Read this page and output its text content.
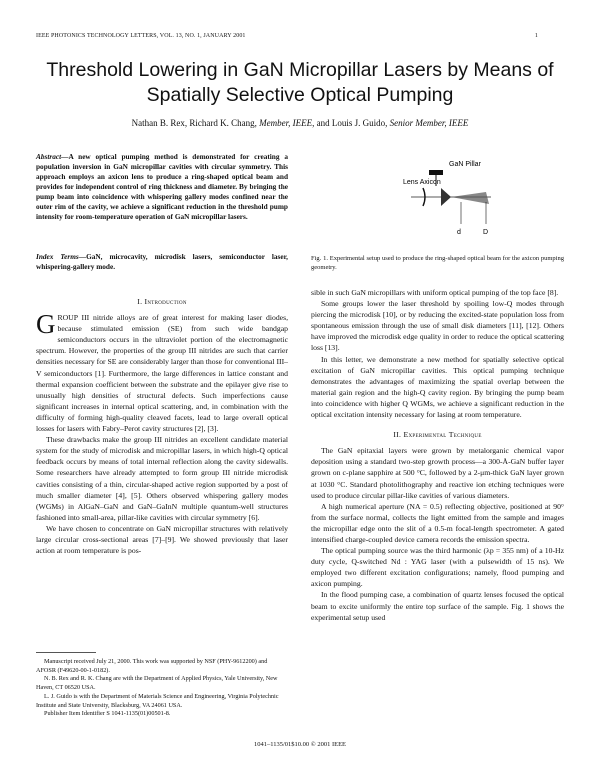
IEEE PHOTONICS TECHNOLOGY LETTERS, VOL. 13, NO. 1, JANUARY 2001	1
Threshold Lowering in GaN Micropillar Lasers by Means of Spatially Selective Optical Pumping
Nathan B. Rex, Richard K. Chang, Member, IEEE, and Louis J. Guido, Senior Member, IEEE
Abstract—A new optical pumping method is demonstrated for creating a population inversion in GaN micropillar cavities with circular symmetry. This approach employs an axicon lens to produce a ring-shaped optical beam and provides for independent control of ring thickness and diameter. By bringing the pump beam into coincidence with whispering gallery modes confined near the outer rim of the cavity, we achieve a significant reduction in the threshold pump intensity for room-temperature operation of GaN micropillar lasers.
Index Terms—GaN, microcavity, microdisk lasers, semiconductor laser, whispering-gallery mode.
I. Introduction

GROUP III nitride alloys are of great interest for making laser diodes, because stimulated emission (SE) from such wide bandgap semiconductors occurs in the ultraviolet portion of the electromagnetic spectrum. However, the properties of the group III nitrides are such that carrier densities necessary for SE are considerably larger than those for conventional III–V semiconductors [1]. Furthermore, the large differences in lattice constant and thermal expansion coefficient between the substrate and the epilayer give rise to unusually high densities of structural defects. Such imperfections cause significant increases in internal optical scattering, and, in combination with the difficulty of forming high-quality cleaved facets, lead to large overall optical losses for lasers with Fabry–Perot cavity structures [2], [3].

These drawbacks make the group III nitrides an excellent candidate material system for the study of microdisk and micropillar lasers, in which high-Q optical feedback occurs by means of total internal reflection along the cavity sidewalls. Some researchers have already attempted to form group III nitride microdisk cavities consisting of a thin, circular-shaped active region supported by a post of much smaller diameter [4], [5]. Others observed whispering gallery modes (WGMs) in AlGaN–GaN and GaN–GaInN multiple quantum-well structures fashioned into small-area, pillar-like cavities with circular symmetry [6].

We have chosen to concentrate on GaN micropillar structures with relatively large circular cross-sectional areas [7]–[9]. We showed previously that laser action at room temperature is pos-

Manuscript received July 21, 2000. This work was supported by NSF (PHY-9612200) and AFOSR (F49620-00-1-0182).

N. B. Rex and R. K. Chang are with the Department of Applied Physics, Yale University, New Haven, CT 06520 USA.

L. J. Guido is with the Department of Materials Science and Engineering, Virginia Polytechnic Institute and State University, Blacksburg, VA 24061 USA.

Publisher Item Identifier S 1041-1135(01)00501-8.

GaN Pillar
Lens Axicon
d	D
Fig. 1. Experimental setup used to produce the ring-shaped optical beam for the axicon pumping geometry.

sible in such GaN micropillars with uniform optical pumping of the top face [8].

Some groups lower the laser threshold by spoiling low-Q modes through piercing the microdisk [10], or by reducing the excited-state population loss from spontaneous emission through the use of small disk diameters [11], [12]. Others have improved the microdisk edge quality in order to reduce the optical scattering loss [13].

In this letter, we demonstrate a new method for spatially selective optical excitation of GaN micropillar cavities. This optical pumping technique demonstrates the advantages of maximizing the spatial overlap between the material gain region and the high-Q cavity region. By bringing the pump beam into coincidence with higher Q WGMs, we achieve a significant reduction in the optical excitation intensity necessary for lasing at room temperature.

II. Experimental Technique

The GaN epitaxial layers were grown by metalorganic chemical vapor deposition using a standard two-step growth process—a 300-Å-GaN buffer layer grown on c-plane sapphire at 500 °C, followed by a 2-μm-thick GaN layer grown at 1030 °C. Standard photolithography and reactive ion etching techniques were used to produce circular pillar-like cavities of various diameters.

A high numerical aperture (NA = 0.5) reflecting objective, positioned at 90° from the surface normal, collects the light emitted from the sample and images the micropillar edge onto the slit of a 0.5-m focal-length spectrometer. A gated intensified charge-coupled device camera records the emission spectra.

The optical pumping source was the third harmonic (λp = 355 nm) of a 10-Hz duty cycle, Q-switched Nd : YAG laser (with a pulsewidth of 15 ns). We employed two different excitation configurations; namely, flood pumping and axicon pumping.

In the flood pumping case, a combination of quartz lenses focused the optical beam to excite uniformly the entire top surface of the sample. Fig. 1 shows the experimental setup used

1041–1135/01$10.00 © 2001 IEEE
